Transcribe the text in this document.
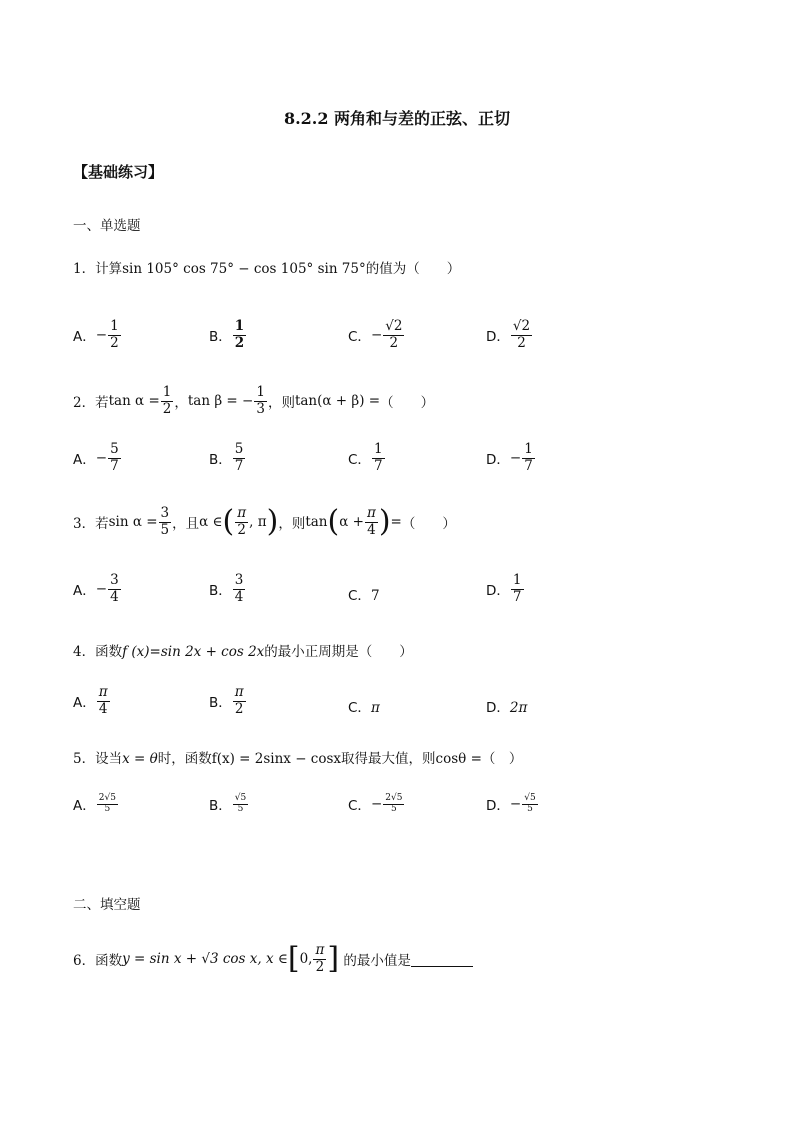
8.2.2 两角和与差的正弦、正切
【基础练习】
一、单选题
1．计算sin 105° cos 75° − cos 105° sin 75°的值为（　　）
A．− $\frac{1}{2}$	B． $\frac{1}{2}$	C．− $\frac{√2}{2}$	D． $\frac{√2}{2}$
2．若$\tan \alpha = \frac{1}{2}$ ，tan β = − $\frac{1}{3}$ ，则tan(α + β) =（　　）
A．− $\frac{5}{7}$	B． $\frac{5}{7}$	C． $\frac{1}{7}$	D．− $\frac{1}{7}$
3．若$\sin \alpha = \frac{3}{5}$ ，且α ∈( $\frac{\pi}{2}$ , π)，则$\tan(\alpha + \frac{\pi}{4}$ )=（　　）
A．− $\frac{3}{4}$	B． $\frac{3}{4}$	C．7	D． $\frac{1}{7}$
4．函数f (x)=sin 2x + cos 2x的最小正周期是（　　）
A． $\frac{\pi}{4}$	B． $\frac{\pi}{2}$	C．π	D．2π
5．设当x = θ时，函数f(x) = 2sinx − cosx取得最大值，则cosθ =（　）
A． $\frac{2√5}{5}$	B． $\frac{√5}{5}$	C．− $\frac{2√5}{5}$	D．− $\frac{√5}{5}$
二、填空题
6．函数y = sin x + √3 cos x, x ∈[0, $\frac{\pi}{2}$ ] 的最小值是
